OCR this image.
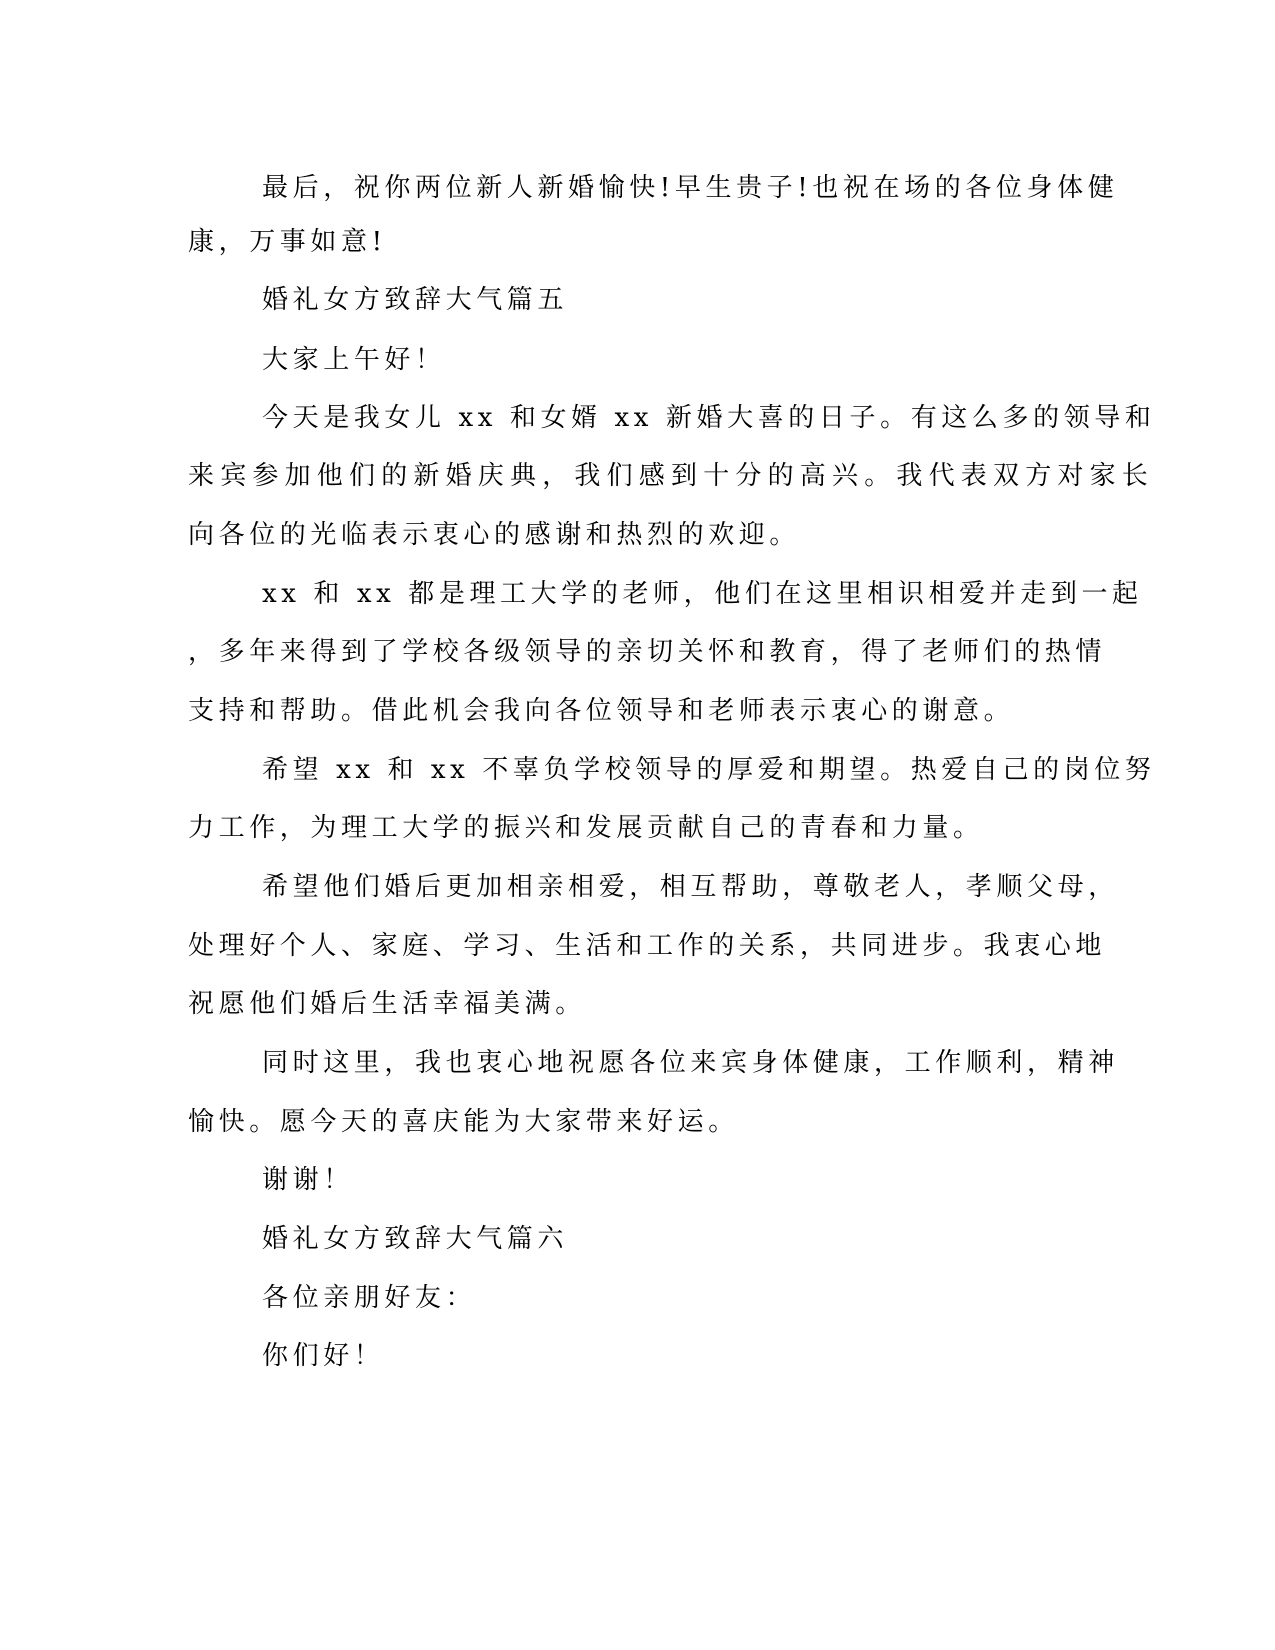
最后，祝你两位新人新婚愉快!早生贵子!也祝在场的各位身体健
康，万事如意!
婚礼女方致辞大气篇五
大家上午好！
今天是我女儿 xx 和女婿 xx 新婚大喜的日子。有这么多的领导和
来宾参加他们的新婚庆典，我们感到十分的高兴。我代表双方对家长
向各位的光临表示衷心的感谢和热烈的欢迎。
xx 和 xx 都是理工大学的老师，他们在这里相识相爱并走到一起
，多年来得到了学校各级领导的亲切关怀和教育，得了老师们的热情
支持和帮助。借此机会我向各位领导和老师表示衷心的谢意。
希望 xx 和 xx 不辜负学校领导的厚爱和期望。热爱自己的岗位努
力工作，为理工大学的振兴和发展贡献自己的青春和力量。
希望他们婚后更加相亲相爱，相互帮助，尊敬老人，孝顺父母，
处理好个人、家庭、学习、生活和工作的关系，共同进步。我衷心地
祝愿他们婚后生活幸福美满。
同时这里，我也衷心地祝愿各位来宾身体健康，工作顺利，精神
愉快。愿今天的喜庆能为大家带来好运。
谢谢！
婚礼女方致辞大气篇六
各位亲朋好友：
你们好！
